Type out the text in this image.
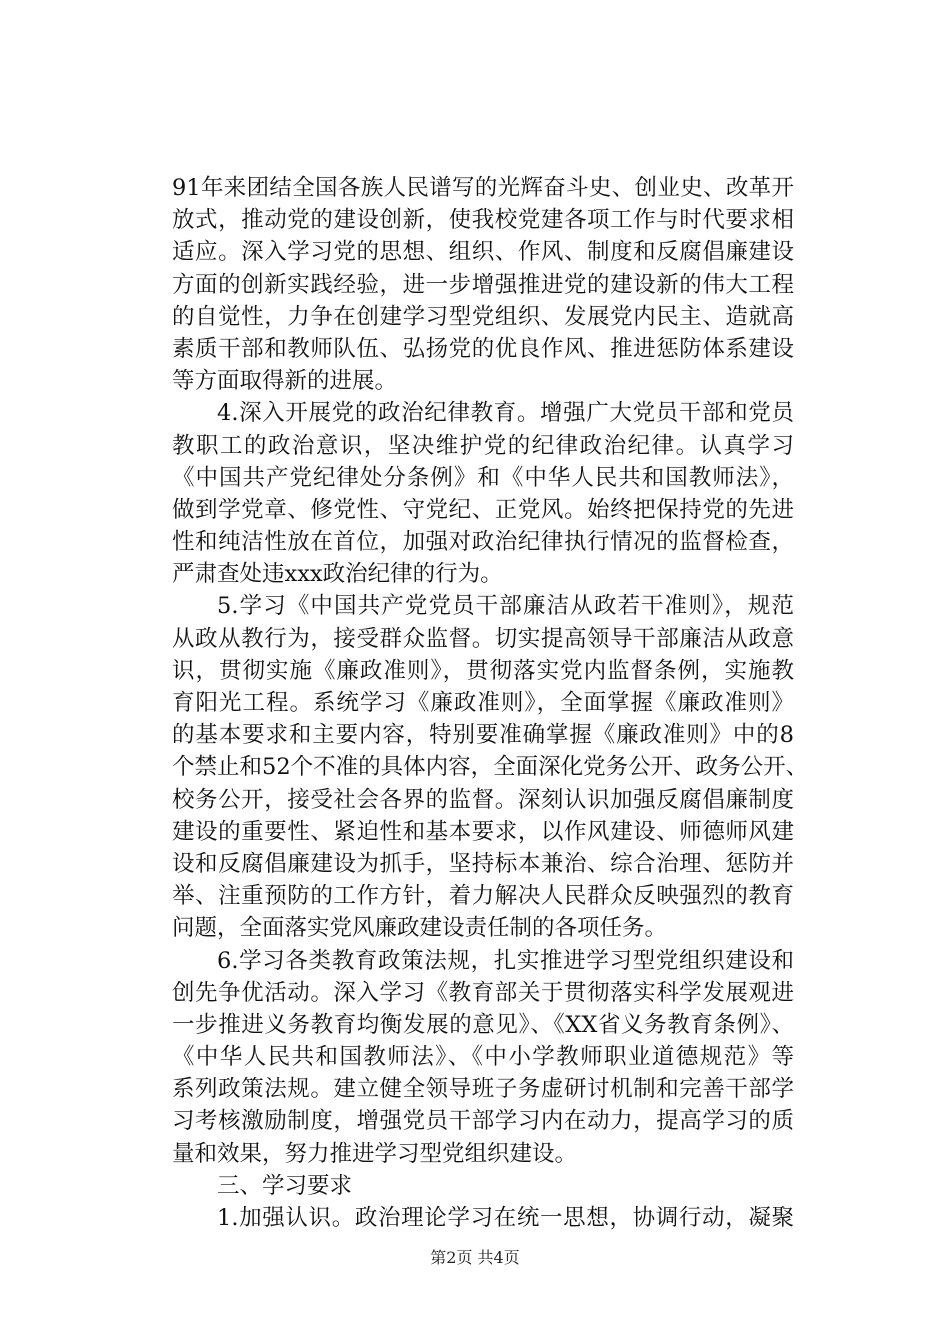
91年来团结全国各族人民谱写的光辉奋斗史、创业史、改革开
放式，推动党的建设创新，使我校党建各项工作与时代要求相
适应。深入学习党的思想、组织、作风、制度和反腐倡廉建设
方面的创新实践经验，进一步增强推进党的建设新的伟大工程
的自觉性，力争在创建学习型党组织、发展党内民主、造就高
素质干部和教师队伍、弘扬党的优良作风、推进惩防体系建设
等方面取得新的进展。
4.深入开展党的政治纪律教育。增强广大党员干部和党员
教职工的政治意识，坚决维护党的纪律政治纪律。认真学习
《中国共产党纪律处分条例》和《中华人民共和国教师法》，
做到学党章、修党性、守党纪、正党风。始终把保持党的先进
性和纯洁性放在首位，加强对政治纪律执行情况的监督检查，
严肃查处违xxx政治纪律的行为。
5.学习《中国共产党党员干部廉洁从政若干准则》，规范
从政从教行为，接受群众监督。切实提高领导干部廉洁从政意
识，贯彻实施《廉政准则》，贯彻落实党内监督条例，实施教
育阳光工程。系统学习《廉政准则》，全面掌握《廉政准则》
的基本要求和主要内容，特别要准确掌握《廉政准则》中的8
个禁止和52个不准的具体内容，全面深化党务公开、政务公开、
校务公开，接受社会各界的监督。深刻认识加强反腐倡廉制度
建设的重要性、紧迫性和基本要求，以作风建设、师德师风建
设和反腐倡廉建设为抓手，坚持标本兼治、综合治理、惩防并
举、注重预防的工作方针，着力解决人民群众反映强烈的教育
问题，全面落实党风廉政建设责任制的各项任务。
6.学习各类教育政策法规，扎实推进学习型党组织建设和
创先争优活动。深入学习《教育部关于贯彻落实科学发展观进
一步推进义务教育均衡发展的意见》、《XX省义务教育条例》、
《中华人民共和国教师法》、《中小学教师职业道德规范》等
系列政策法规。建立健全领导班子务虚研讨机制和完善干部学
习考核激励制度，增强党员干部学习内在动力，提高学习的质
量和效果，努力推进学习型党组织建设。
三、学习要求
1.加强认识。政治理论学习在统一思想，协调行动，凝聚
第2页 共4页
